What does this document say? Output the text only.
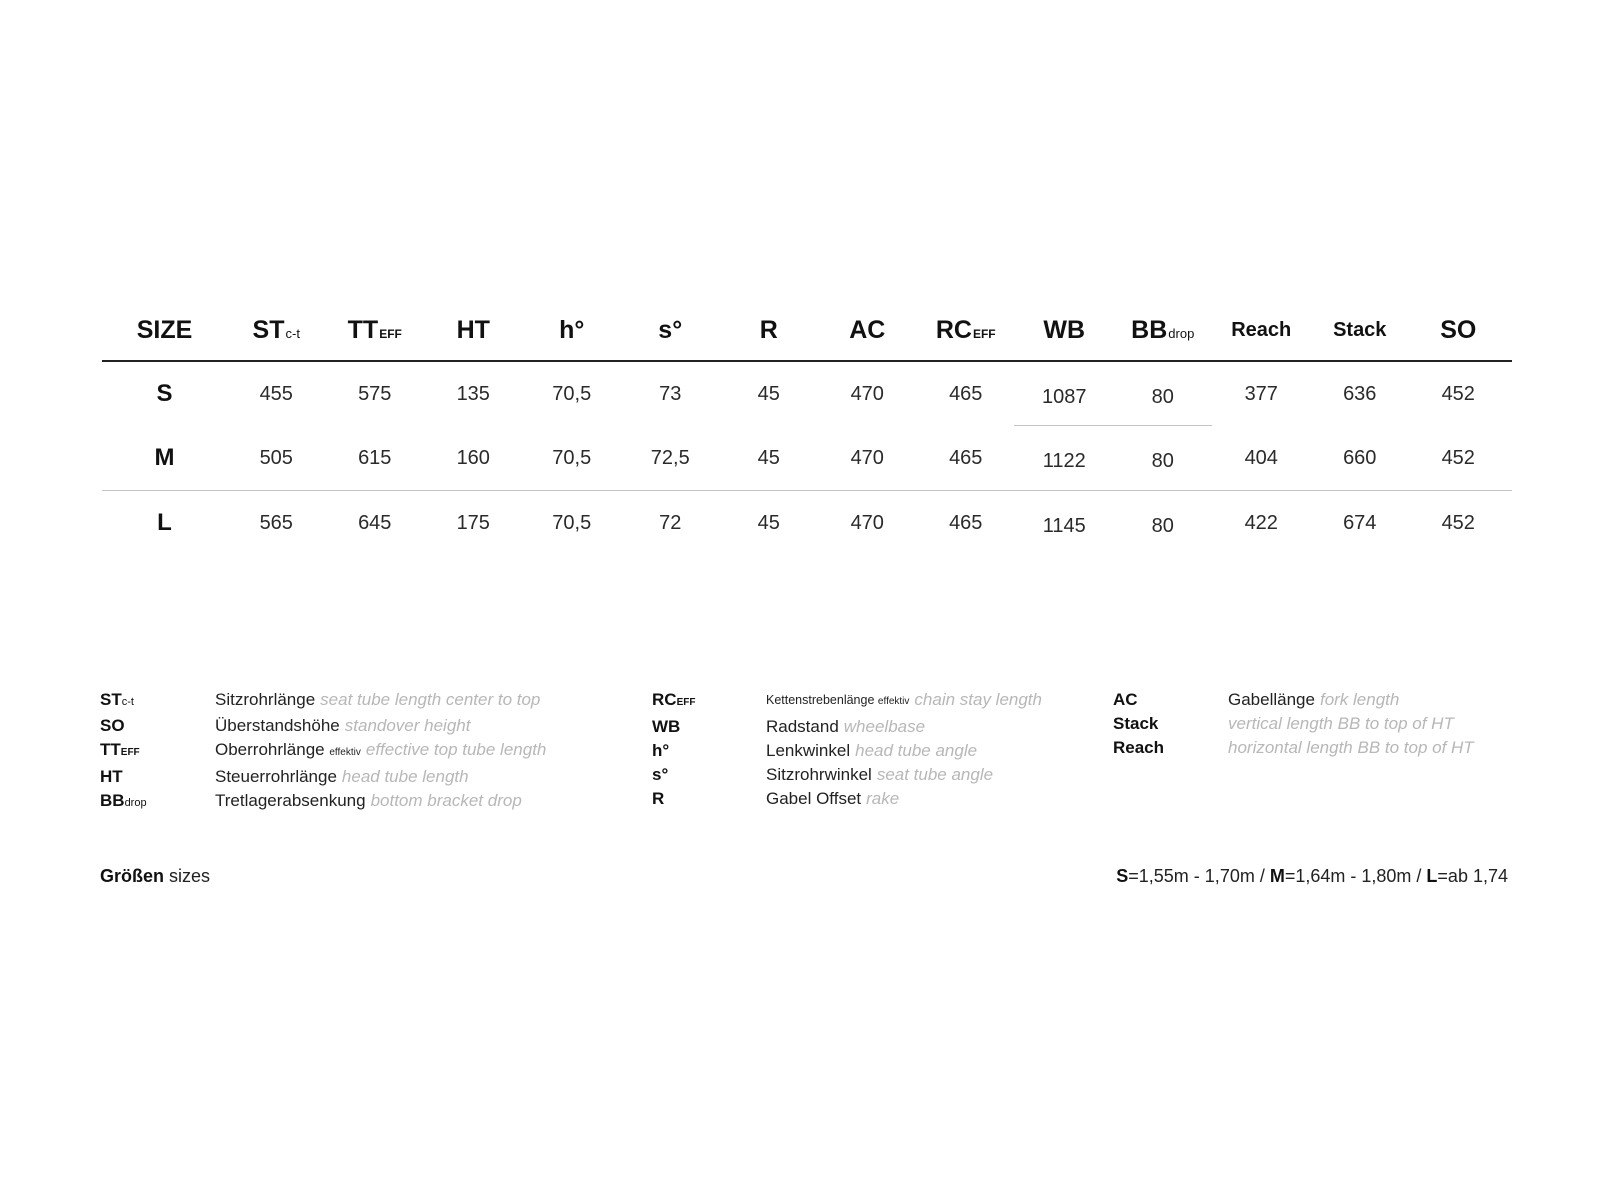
SIZE	STc-t	TTEFF	HT	h°	s°	R	AC	RCEFF	WB	BBdrop	Reach	Stack	SO
S	455	575	135	70,5	73	45	470	465	1087	80	377	636	452
M	505	615	160	70,5	72,5	45	470	465	1122	80	404	660	452
L	565	645	175	70,5	72	45	470	465	1145	80	422	674	452
STc-t	Sitzrohrlänge seat tube length center to top
SO	Überstandshöhe standover height
TTEFF	Oberrohrlänge effektiv effective top tube length
HT	Steuerrohrlänge head tube length
BBdrop	Tretlagerabsenkung bottom bracket drop
RCEFF	Kettenstrebenlänge effektiv chain stay length
WB	Radstand wheelbase
h°	Lenkwinkel head tube angle
s°	Sitzrohrwinkel seat tube angle
R	Gabel Offset rake
AC	Gabellänge fork length
Stack	vertical length BB to top of HT
Reach	horizontal length BB to top of HT
Größen sizes	S=1,55m - 1,70m / M=1,64m - 1,80m / L=ab 1,74
